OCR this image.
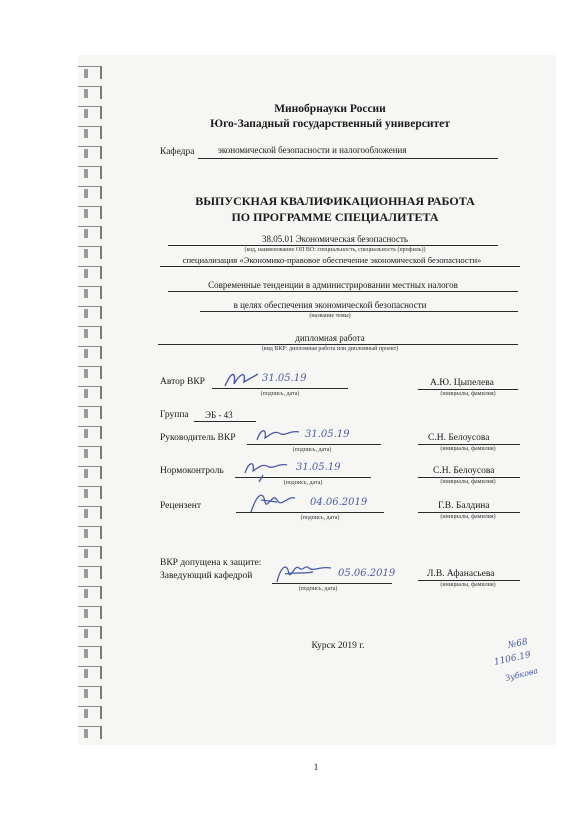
Минобрнауки России
Юго-Западный государственный университет
Кафедра	экономической безопасности и налогообложения
ВЫПУСКНАЯ КВАЛИФИКАЦИОННАЯ РАБОТА
ПО ПРОГРАММЕ СПЕЦИАЛИТЕТА
38.05.01 Экономическая безопасность
(код, наименование ОП ВО: специальность, специальность (профиль))
специализация «Экономико-правовое обеспечение экономической безопасности»
Современные тенденции в администрировании местных налогов
в целях обеспечения экономической безопасности
(название темы)
дипломная работа
(вид ВКР: дипломная работа или дипломный проект)
Автор ВКР	31.05.19
(подпись, дата)
А.Ю. Цыпелева
(инициалы, фамилия)
Группа ЭБ - 43
Руководитель ВКР	31.05.19
(подпись, дата)
С.Н. Белоусова
(инициалы, фамилия)
Нормоконтроль	31.05.19
(подпись, дата)
С.Н. Белоусова
(инициалы, фамилия)
Рецензент	04.06.2019
(подпись, дата)
Г.В. Балдина
(инициалы, фамилия)
ВКР допущена к защите:
Заведующий кафедрой	05.06.2019
(подпись, дата)
Л.В. Афанасьева
(инициалы, фамилия)
Курск 2019 г.	№68
1106.19
Зубкова
1
